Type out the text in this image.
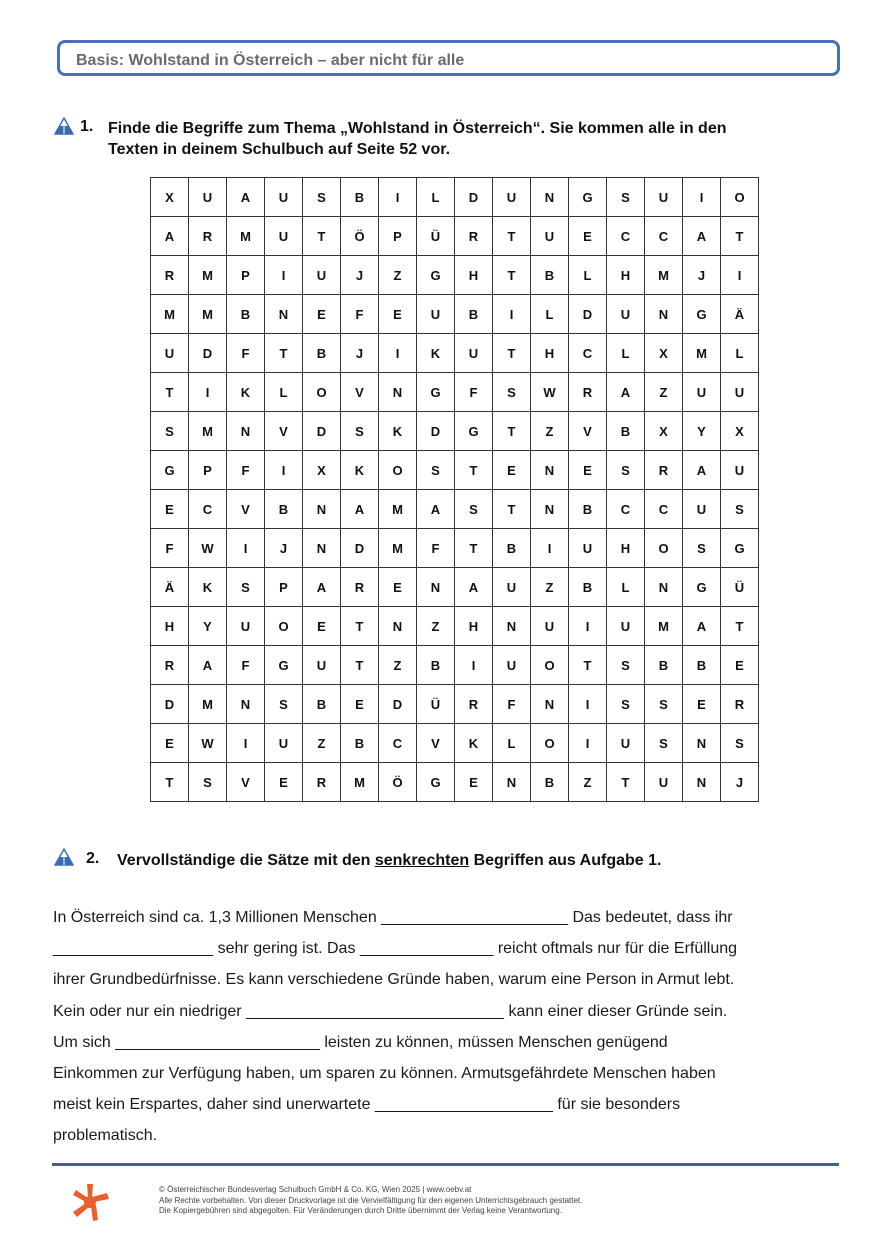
Basis: Wohlstand in Österreich – aber nicht für alle
1. Finde die Begriffe zum Thema „Wohlstand in Österreich“. Sie kommen alle in den
Texten in deinem Schulbuch auf Seite 52 vor.
X	U	A	U	S	B	I	L	D	U	N	G	S	U	I	O
A	R	M	U	T	Ö	P	Ü	R	T	U	E	C	C	A	T
R	M	P	I	U	J	Z	G	H	T	B	L	H	M	J	I
M	M	B	N	E	F	E	U	B	I	L	D	U	N	G	Ä
U	D	F	T	B	J	I	K	U	T	H	C	L	X	M	L
T	I	K	L	O	V	N	G	F	S	W	R	A	Z	U	U
S	M	N	V	D	S	K	D	G	T	Z	V	B	X	Y	X
G	P	F	I	X	K	O	S	T	E	N	E	S	R	A	U
E	C	V	B	N	A	M	A	S	T	N	B	C	C	U	S
F	W	I	J	N	D	M	F	T	B	I	U	H	O	S	G
Ä	K	S	P	A	R	E	N	A	U	Z	B	L	N	G	Ü
H	Y	U	O	E	T	N	Z	H	N	U	I	U	M	A	T
R	A	F	G	U	T	Z	B	I	U	O	T	S	B	B	E
D	M	N	S	B	E	D	Ü	R	F	N	I	S	S	E	R
E	W	I	U	Z	B	C	V	K	L	O	I	U	S	N	S
T	S	V	E	R	M	Ö	G	E	N	B	Z	T	U	N	J
2. Vervollständige die Sätze mit den senkrechten Begriffen aus Aufgabe 1.
In Österreich sind ca. 1,3 Millionen Menschen _____________________ Das bedeutet, dass ihr
__________________ sehr gering ist. Das _______________ reicht oftmals nur für die Erfüllung
ihrer Grundbedürfnisse. Es kann verschiedene Gründe haben, warum eine Person in Armut lebt.
Kein oder nur ein niedriger _____________________________ kann einer dieser Gründe sein.
Um sich _______________________ leisten zu können, müssen Menschen genügend
Einkommen zur Verfügung haben, um sparen zu können. Armutsgefährdete Menschen haben
meist kein Erspartes, daher sind unerwartete ____________________ für sie besonders
problematisch.
© Österreichischer Bundesverlag Schulbuch GmbH & Co. KG, Wien 2025 | www.oebv.at
Alle Rechte vorbehalten. Von dieser Druckvorlage ist die Vervielfältigung für den eigenen Unterrichtsgebrauch gestattet.
Die Kopiergebühren sind abgegolten. Für Veränderungen durch Dritte übernimmt der Verlag keine Verantwortung.
